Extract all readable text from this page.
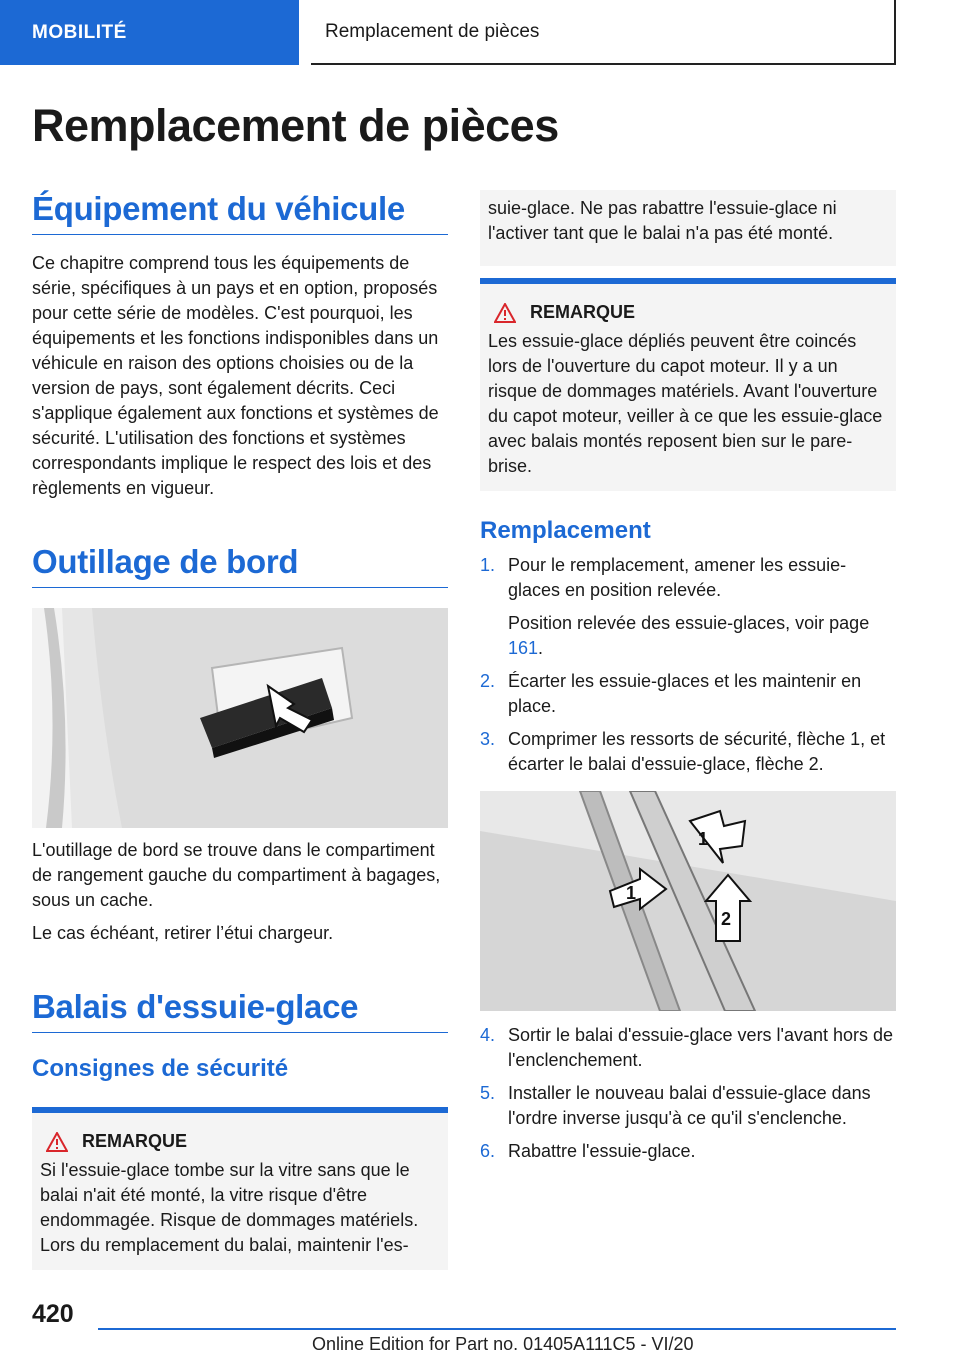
MOBILITÉ	Remplacement de pièces
Remplacement de pièces
Équipement du véhicule

Ce chapitre comprend tous les équipements de série, spécifiques à un pays et en option, proposés pour cette série de modèles. C'est pourquoi, les équipements et les fonctions indisponibles dans un véhicule en raison des options choisies ou de la version de pays, sont également décrits. Ceci s'applique également aux fonctions et systèmes de sécurité. L'utilisation des fonctions et systèmes correspondants implique le respect des lois et des règlements en vigueur.

Outillage de bord

L'outillage de bord se trouve dans le compartiment de rangement gauche du compartiment à bagages, sous un cache.

Le cas échéant, retirer l’étui chargeur.

Balais d'essuie-glace
Consignes de sécurité
REMARQUE

Si l'essuie-glace tombe sur la vitre sans que le balai n'ait été monté, la vitre risque d'être endommagée. Risque de dommages matériels. Lors du remplacement du balai, maintenir l'es-

suie-glace. Ne pas rabattre l'essuie-glace ni l'activer tant que le balai n'a pas été monté.

REMARQUE

Les essuie-glace dépliés peuvent être coincés lors de l'ouverture du capot moteur. Il y a un risque de dommages matériels. Avant l'ouverture du capot moteur, veiller à ce que les essuie-glace avec balais montés reposent bien sur le pare-brise.

Remplacement
1. Pour le remplacement, amener les essuie-glaces en position relevée.
Position relevée des essuie-glaces, voir page 161.
2. Écarter les essuie-glaces et les maintenir en place.
3. Comprimer les ressorts de sécurité, flèche 1, et écarter le balai d'essuie-glace, flèche 2.
1
1
2
4. Sortir le balai d'essuie-glace vers l'avant hors de l'enclenchement.
5. Installer le nouveau balai d'essuie-glace dans l'ordre inverse jusqu'à ce qu'il s'enclenche.
6. Rabattre l'essuie-glace.
420
Online Edition for Part no. 01405A111C5 - VI/20
